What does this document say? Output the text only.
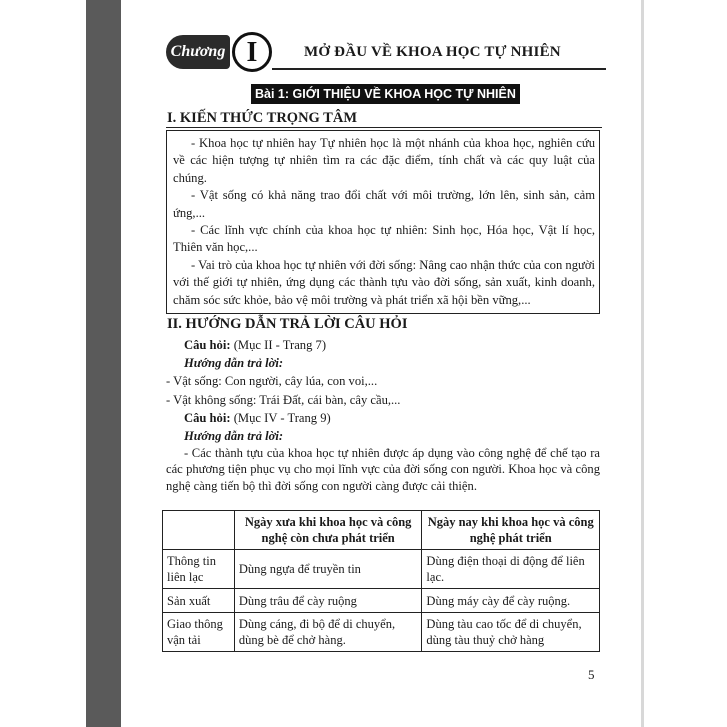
Chương I	MỞ ĐẦU VỀ KHOA HỌC TỰ NHIÊN
Bài 1: GIỚI THIỆU VỀ KHOA HỌC TỰ NHIÊN
I. KIẾN THỨC TRỌNG TÂM

- Khoa học tự nhiên hay Tự nhiên học là một nhánh của khoa học, nghiên cứu về các hiện tượng tự nhiên tìm ra các đặc điểm, tính chất và các quy luật của chúng.

- Vật sống có khả năng trao đổi chất với môi trường, lớn lên, sinh sản, cảm ứng,...

- Các lĩnh vực chính của khoa học tự nhiên: Sinh học, Hóa học, Vật lí học, Thiên văn học,...

- Vai trò của khoa học tự nhiên với đời sống: Nâng cao nhận thức của con người với thế giới tự nhiên, ứng dụng các thành tựu vào đời sống, sản xuất, kinh doanh, chăm sóc sức khỏe, bảo vệ môi trường và phát triển xã hội bền vững,...

II. HƯỚNG DẪN TRẢ LỜI CÂU HỎI

Câu hỏi: (Mục II - Trang 7)

Hướng dẫn trả lời:

- Vật sống: Con người, cây lúa, con voi,...

- Vật không sống: Trái Đất, cái bàn, cây cầu,...

Câu hỏi: (Mục IV - Trang 9)

Hướng dẫn trả lời:

- Các thành tựu của khoa học tự nhiên được áp dụng vào công nghệ để chế tạo ra các phương tiện phục vụ cho mọi lĩnh vực của đời sống con người. Khoa học và công nghệ càng tiến bộ thì đời sống con người càng được cải thiện.

	Ngày xưa khi khoa học và công nghệ còn chưa phát triển	Ngày nay khi khoa học và công nghệ phát triển
Thông tin liên lạc	Dùng ngựa để truyền tin	Dùng điện thoại di động để liên lạc.
Sản xuất	Dùng trâu để cày ruộng	Dùng máy cày để cày ruộng.
Giao thông vận tải	Dùng cáng, đi bộ để di chuyển, dùng bè để chở hàng.	Dùng tàu cao tốc để di chuyển, dùng tàu thuỷ chở hàng
5
